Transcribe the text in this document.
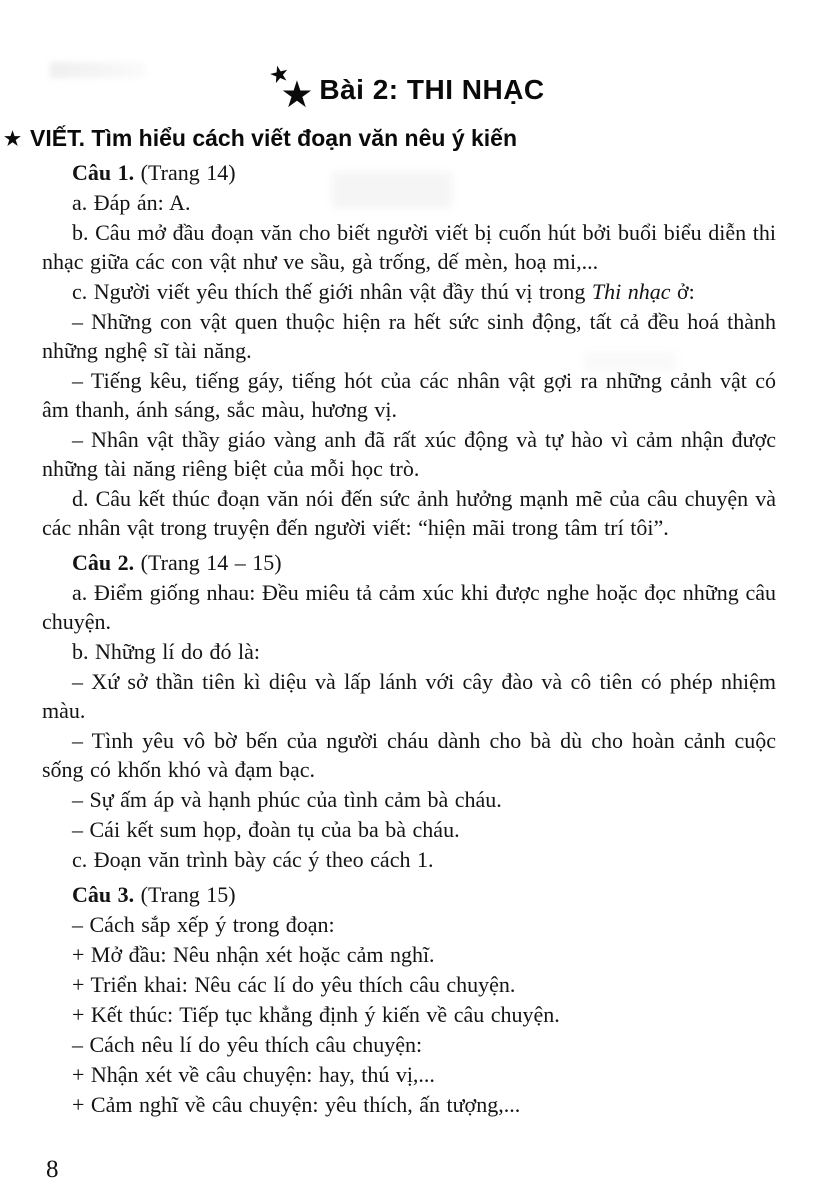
★
★ Bài 2: THI NHẠC
★ VIẾT. Tìm hiểu cách viết đoạn văn nêu ý kiến

Câu 1. (Trang 14)

a. Đáp án: A.

b. Câu mở đầu đoạn văn cho biết người viết bị cuốn hút bởi buổi biểu diễn thi nhạc giữa các con vật như ve sầu, gà trống, dế mèn, hoạ mi,...

c. Người viết yêu thích thế giới nhân vật đầy thú vị trong Thi nhạc ở:

– Những con vật quen thuộc hiện ra hết sức sinh động, tất cả đều hoá thành những nghệ sĩ tài năng.

– Tiếng kêu, tiếng gáy, tiếng hót của các nhân vật gợi ra những cảnh vật có âm thanh, ánh sáng, sắc màu, hương vị.

– Nhân vật thầy giáo vàng anh đã rất xúc động và tự hào vì cảm nhận được những tài năng riêng biệt của mỗi học trò.

d. Câu kết thúc đoạn văn nói đến sức ảnh hưởng mạnh mẽ của câu chuyện và các nhân vật trong truyện đến người viết: “hiện mãi trong tâm trí tôi”.

Câu 2. (Trang 14 – 15)

a. Điểm giống nhau: Đều miêu tả cảm xúc khi được nghe hoặc đọc những câu chuyện.

b. Những lí do đó là:

– Xứ sở thần tiên kì diệu và lấp lánh với cây đào và cô tiên có phép nhiệm màu.

– Tình yêu vô bờ bến của người cháu dành cho bà dù cho hoàn cảnh cuộc sống có khốn khó và đạm bạc.

– Sự ấm áp và hạnh phúc của tình cảm bà cháu.

– Cái kết sum họp, đoàn tụ của ba bà cháu.

c. Đoạn văn trình bày các ý theo cách 1.

Câu 3. (Trang 15)

– Cách sắp xếp ý trong đoạn:

+ Mở đầu: Nêu nhận xét hoặc cảm nghĩ.

+ Triển khai: Nêu các lí do yêu thích câu chuyện.

+ Kết thúc: Tiếp tục khẳng định ý kiến về câu chuyện.

– Cách nêu lí do yêu thích câu chuyện:

+ Nhận xét về câu chuyện: hay, thú vị,...

+ Cảm nghĩ về câu chuyện: yêu thích, ấn tượng,...

8
